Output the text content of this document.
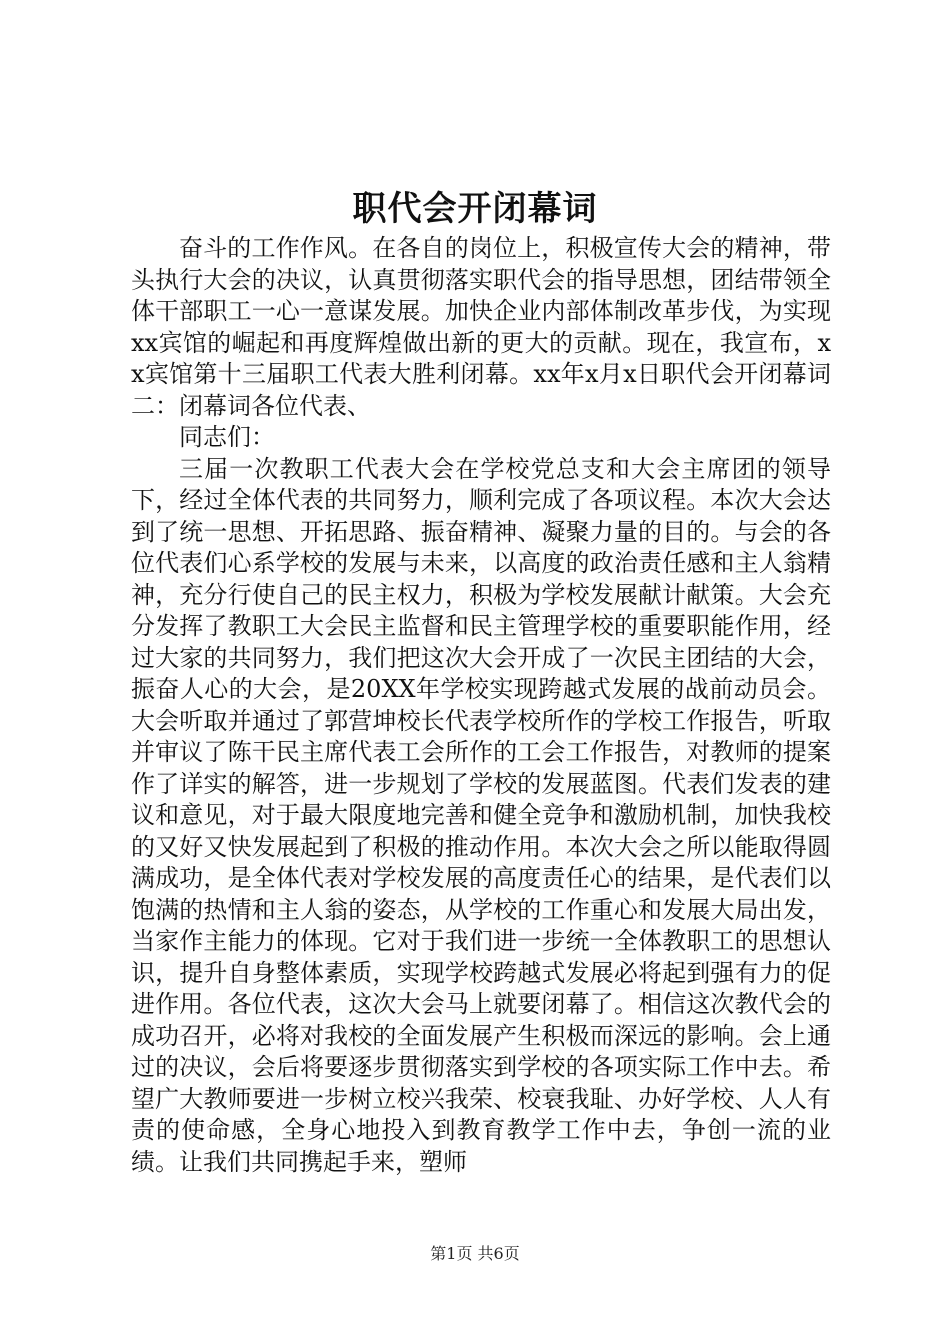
职代会开闭幕词

奋斗的工作作风。在各自的岗位上，积极宣传大会的精神，带头执行大会的决议，认真贯彻落实职代会的指导思想，团结带领全体干部职工一心一意谋发展。加快企业内部体制改革步伐，为实现xx宾馆的崛起和再度辉煌做出新的更大的贡献。现在，我宣布，xx宾馆第十三届职工代表大胜利闭幕。xx年x月x日职代会开闭幕词二：闭幕词各位代表、

同志们：

三届一次教职工代表大会在学校党总支和大会主席团的领导下，经过全体代表的共同努力，顺利完成了各项议程。本次大会达到了统一思想、开拓思路、振奋精神、凝聚力量的目的。与会的各位代表们心系学校的发展与未来，以高度的政治责任感和主人翁精神，充分行使自己的民主权力，积极为学校发展献计献策。大会充分发挥了教职工大会民主监督和民主管理学校的重要职能作用，经过大家的共同努力，我们把这次大会开成了一次民主团结的大会，振奋人心的大会，是20XX年学校实现跨越式发展的战前动员会。大会听取并通过了郭营坤校长代表学校所作的学校工作报告，听取并审议了陈干民主席代表工会所作的工会工作报告，对教师的提案作了详实的解答，进一步规划了学校的发展蓝图。代表们发表的建议和意见，对于最大限度地完善和健全竞争和激励机制，加快我校的又好又快发展起到了积极的推动作用。本次大会之所以能取得圆满成功，是全体代表对学校发展的高度责任心的结果，是代表们以饱满的热情和主人翁的姿态，从学校的工作重心和发展大局出发，当家作主能力的体现。它对于我们进一步统一全体教职工的思想认识，提升自身整体素质，实现学校跨越式发展必将起到强有力的促进作用。各位代表，这次大会马上就要闭幕了。相信这次教代会的成功召开，必将对我校的全面发展产生积极而深远的影响。会上通过的决议，会后将要逐步贯彻落实到学校的各项实际工作中去。希望广大教师要进一步树立校兴我荣、校衰我耻、办好学校、人人有责的使命感，全身心地投入到教育教学工作中去，争创一流的业绩。让我们共同携起手来，塑师

第1页 共6页
